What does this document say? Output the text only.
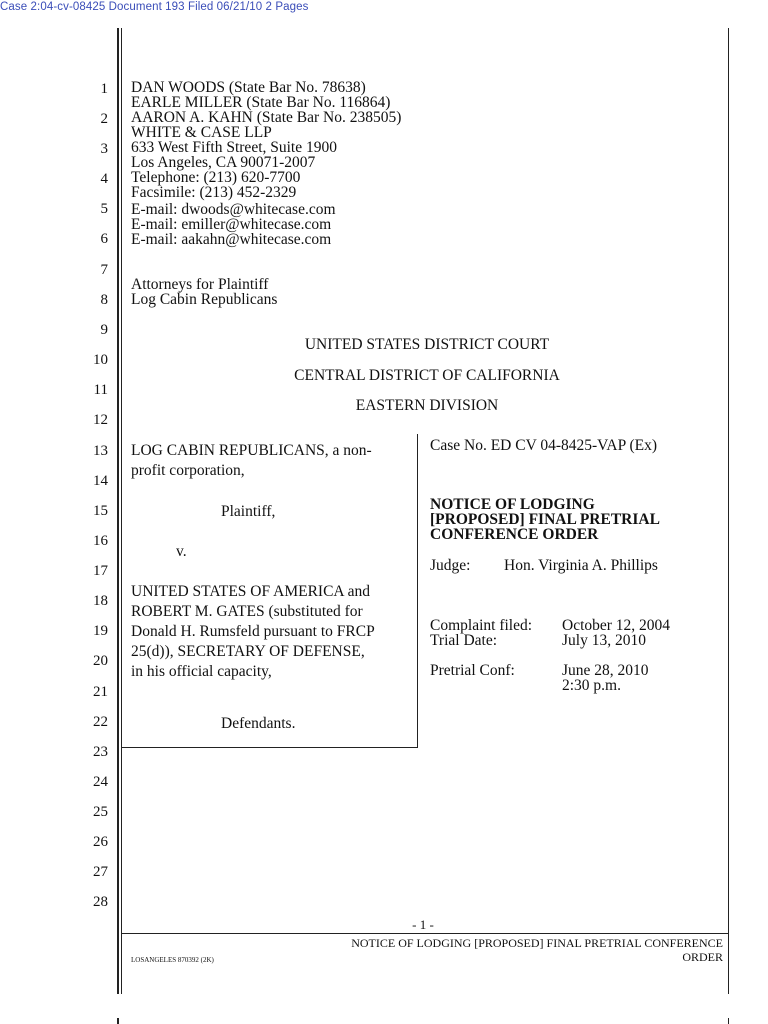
Case 2:04-cv-08425 Document 193 Filed 06/21/10 2 Pages
1
2
3
4
5
6
7
8
9
10
11
12
13
14
15
16
17
18
19
20
21
22
23
24
25
26
27
28
DAN WOODS (State Bar No. 78638)
EARLE MILLER (State Bar No. 116864)
AARON A. KAHN (State Bar No. 238505)
WHITE & CASE LLP
633 West Fifth Street, Suite 1900
Los Angeles, CA 90071-2007
Telephone: (213) 620-7700
Facsimile: (213) 452-2329
E-mail: dwoods@whitecase.com
E-mail: emiller@whitecase.com
E-mail: aakahn@whitecase.com
Attorneys for Plaintiff
Log Cabin Republicans
UNITED STATES DISTRICT COURT
CENTRAL DISTRICT OF CALIFORNIA
EASTERN DIVISION
LOG CABIN REPUBLICANS, a non-
profit corporation,
Plaintiff,
v.
UNITED STATES OF AMERICA and
ROBERT M. GATES (substituted for
Donald H. Rumsfeld pursuant to FRCP
25(d)), SECRETARY OF DEFENSE,
in his official capacity,
Defendants.
Case No. ED CV 04-8425-VAP (Ex)
NOTICE OF LODGING
[PROPOSED] FINAL PRETRIAL
CONFERENCE ORDER
Judge: Hon. Virginia A. Phillips
Complaint filed: October 12, 2004
Trial Date:	July 13, 2010
Pretrial Conf:	June 28, 2010
2:30 p.m.
- 1 -
NOTICE OF LODGING [PROPOSED] FINAL PRETRIAL CONFERENCE
ORDER
LOSANGELES 870392 (2K)
